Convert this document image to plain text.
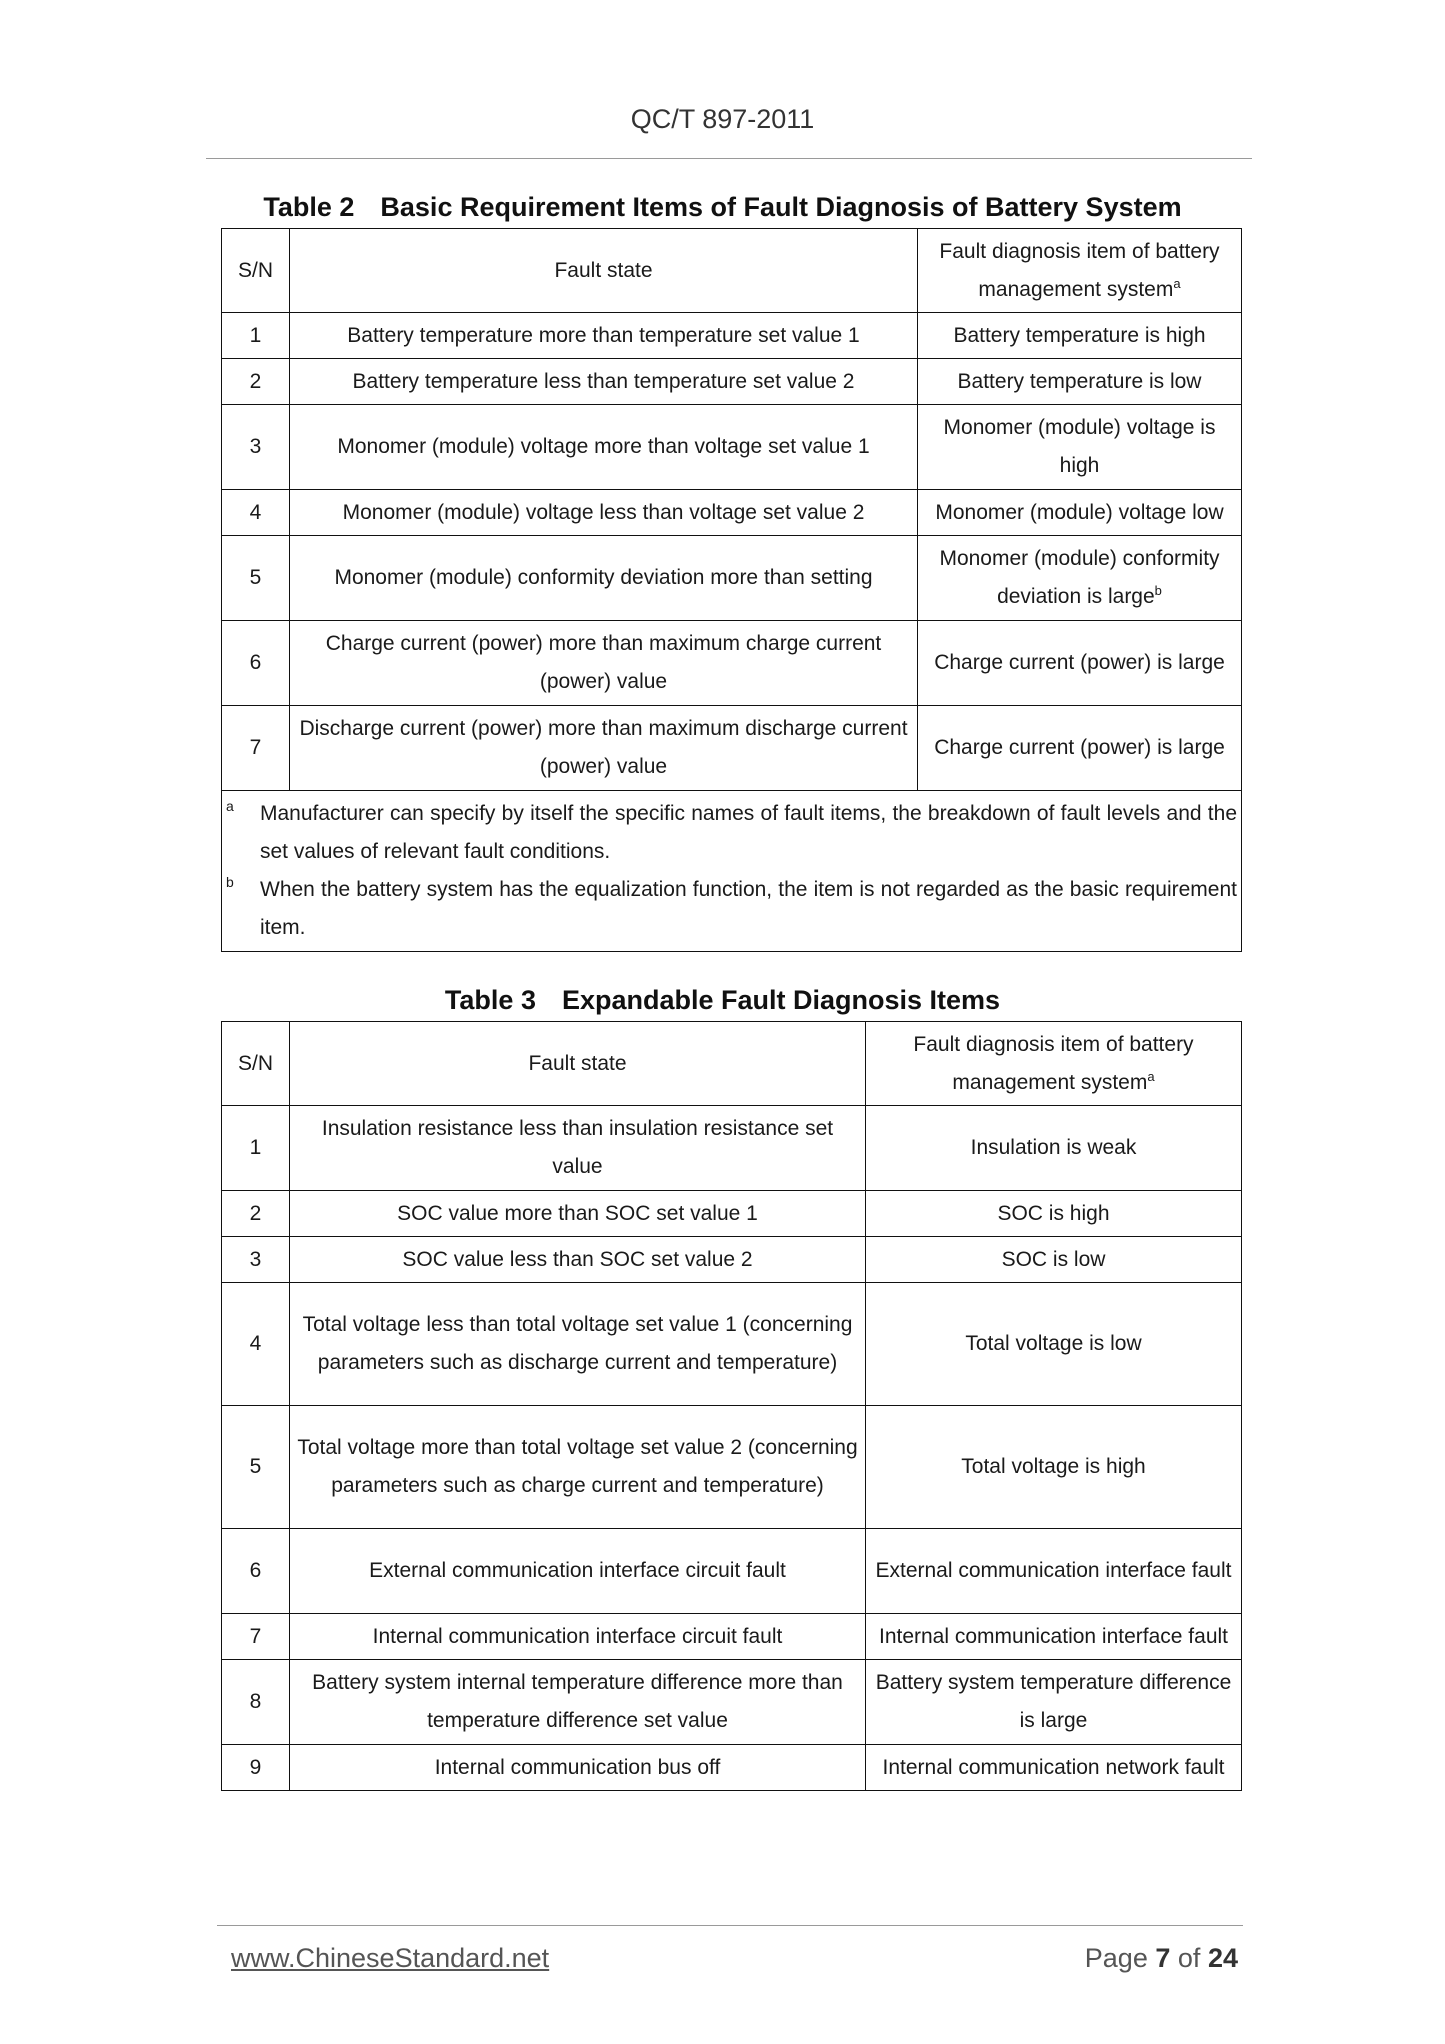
QC/T 897-2011
Table 2 Basic Requirement Items of Fault Diagnosis of Battery System
S/N	Fault state	Fault diagnosis item of battery management system$^a$
1	Battery temperature more than temperature set value 1	Battery temperature is high
2	Battery temperature less than temperature set value 2	Battery temperature is low
3	Monomer (module) voltage more than voltage set value 1	Monomer (module) voltage is high
4	Monomer (module) voltage less than voltage set value 2	Monomer (module) voltage low
5	Monomer (module) conformity deviation more than setting	Monomer (module) conformity deviation is large$^b$
6	Charge current (power) more than maximum charge current (power) value	Charge current (power) is large
7	Discharge current (power) more than maximum discharge current (power) value	Charge current (power) is large

a Manufacturer can specify by itself the specific names of fault items, the breakdown of fault levels and the set values of relevant fault conditions.
b When the battery system has the equalization function, the item is not regarded as the basic requirement item.		
Table 3 Expandable Fault Diagnosis Items
S/N	Fault state	Fault diagnosis item of battery management system$^a$
1	Insulation resistance less than insulation resistance set value	Insulation is weak
2	SOC value more than SOC set value 1	SOC is high
3	SOC value less than SOC set value 2	SOC is low
4	Total voltage less than total voltage set value 1 (concerning parameters such as discharge current and temperature)	Total voltage is low
5	Total voltage more than total voltage set value 2 (concerning parameters such as charge current and temperature)	Total voltage is high
6	External communication interface circuit fault	External communication interface fault
7	Internal communication interface circuit fault	Internal communication interface fault
8	Battery system internal temperature difference more than temperature difference set value	Battery system temperature difference is large
9	Internal communication bus off	Internal communication network fault
www.ChineseStandard.net	Page 7 of 24
